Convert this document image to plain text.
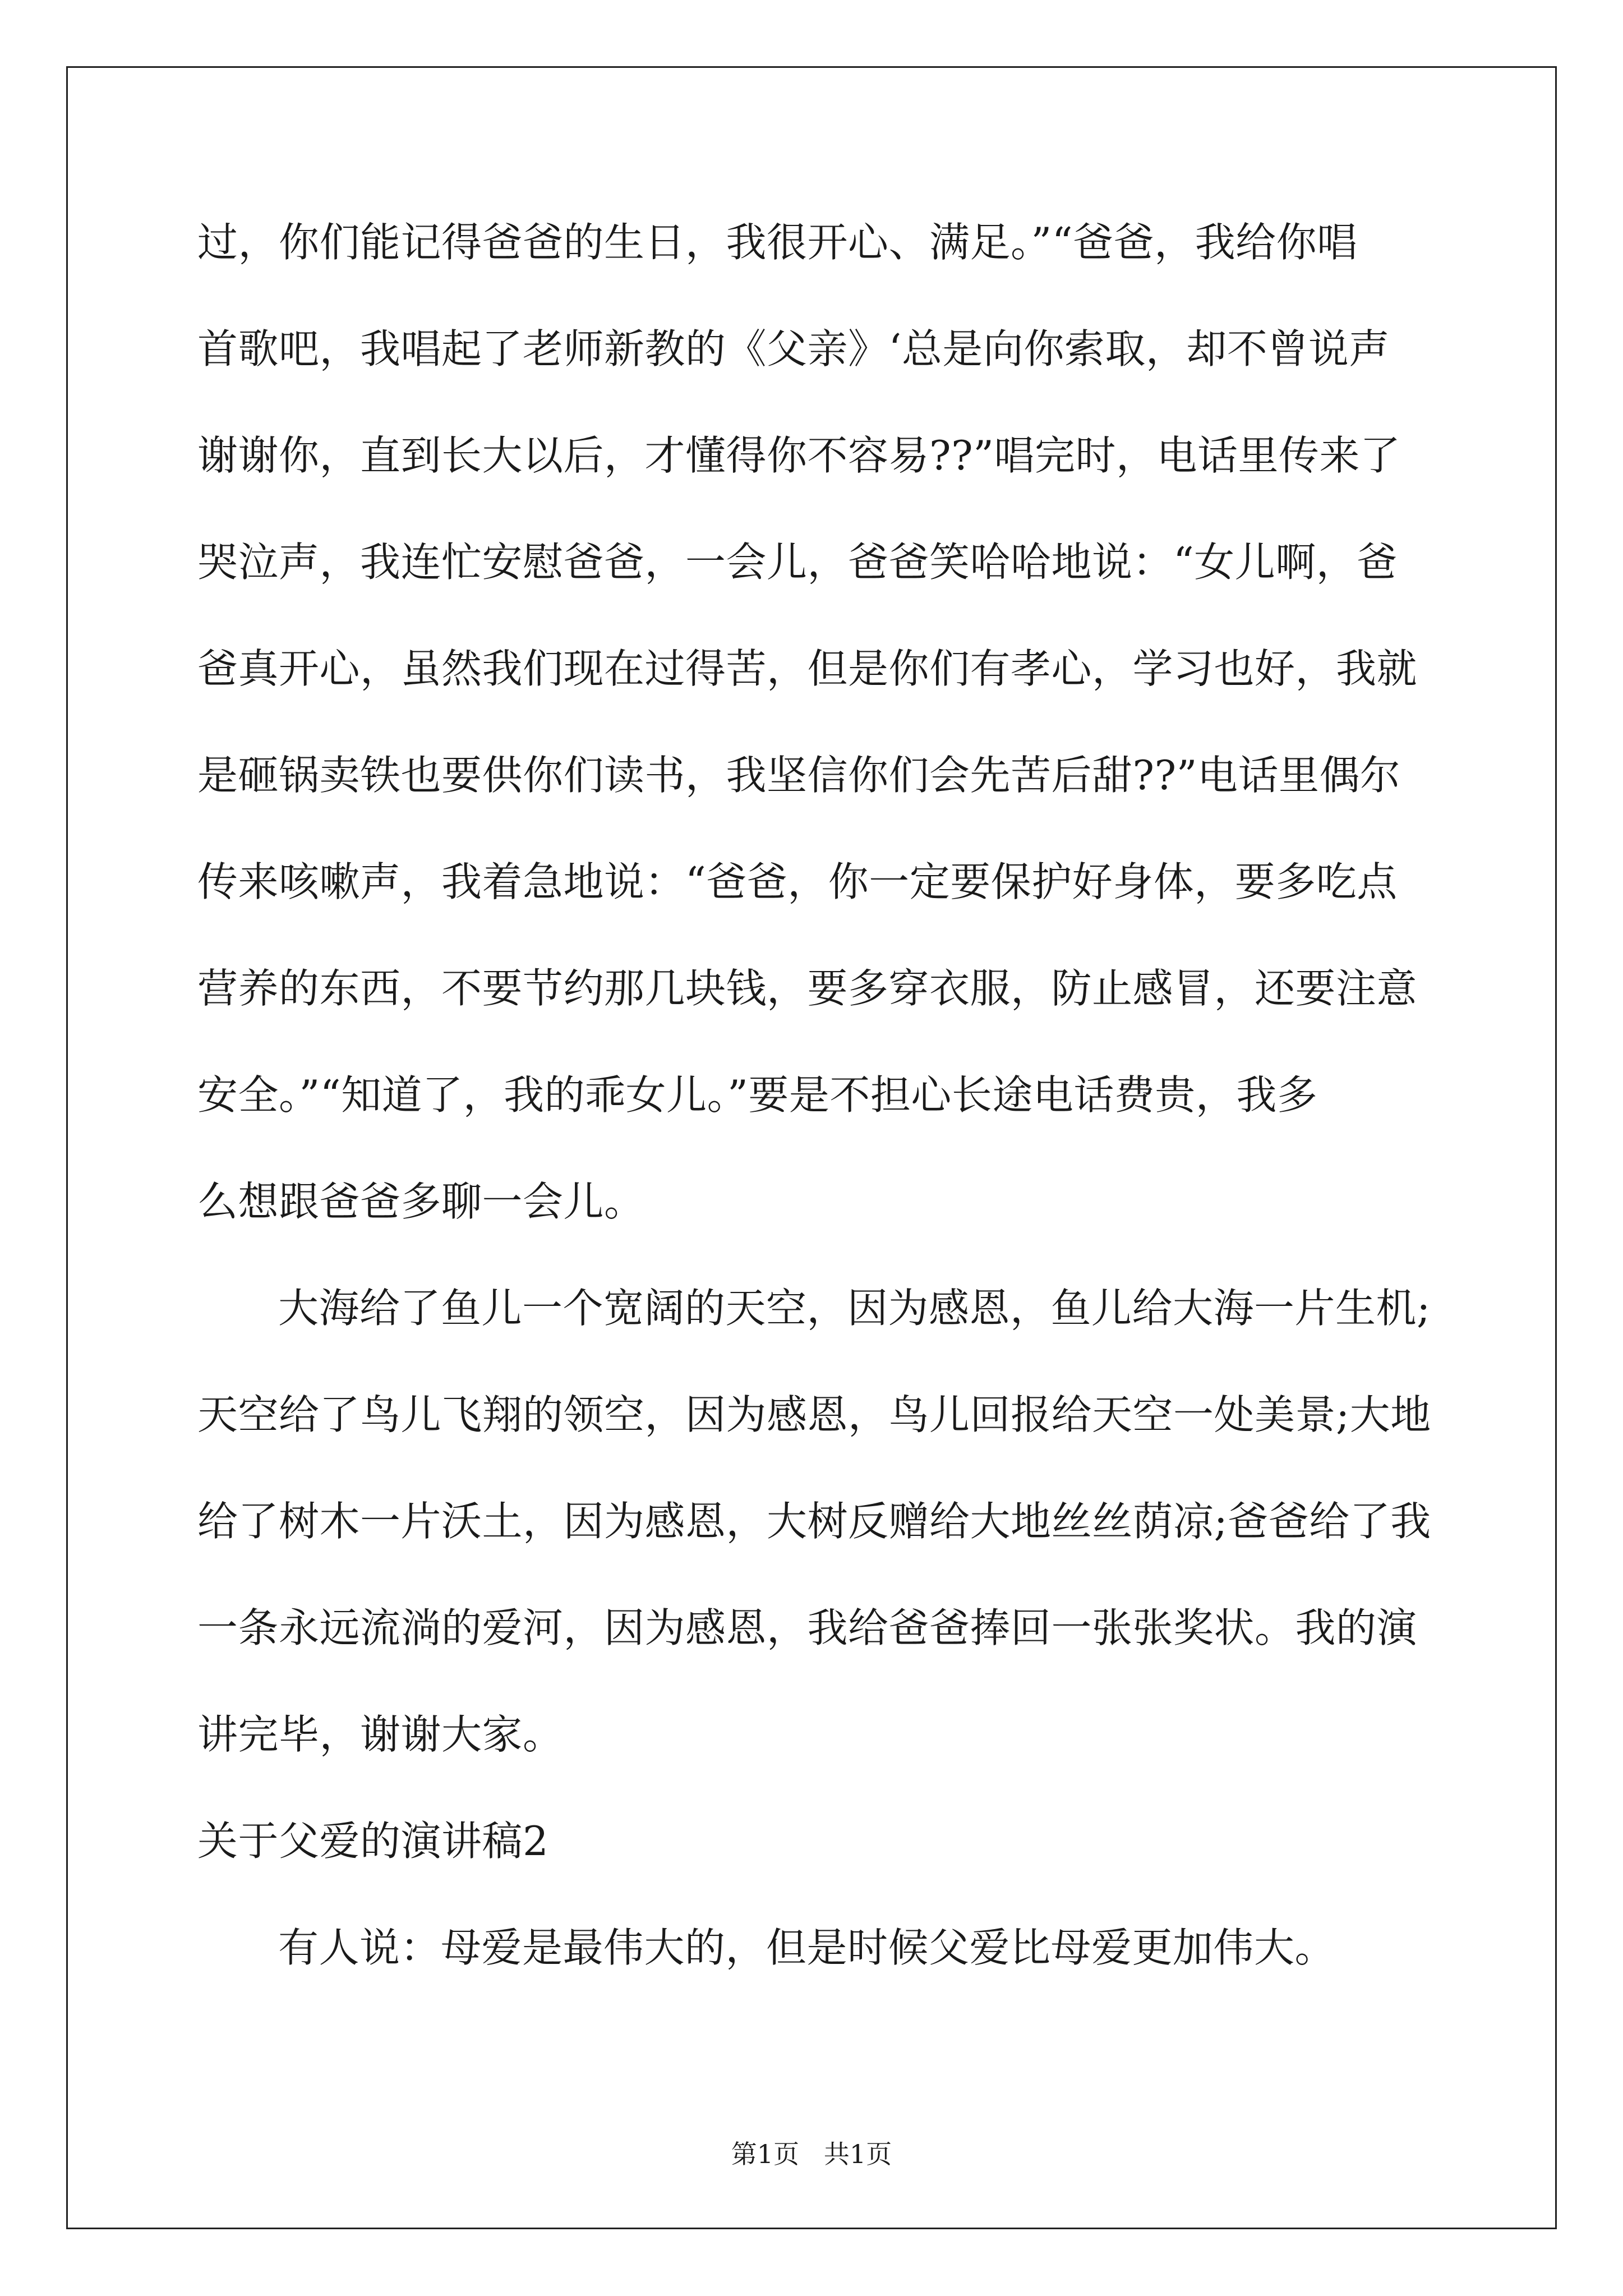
过，你们能记得爸爸的生日，我很开心、满足。”“爸爸，我给你唱
首歌吧，我唱起了老师新教的《父亲》‘总是向你索取，却不曾说声
谢谢你，直到长大以后，才懂得你不容易??”唱完时，电话里传来了
哭泣声，我连忙安慰爸爸，一会儿，爸爸笑哈哈地说：“女儿啊，爸
爸真开心，虽然我们现在过得苦，但是你们有孝心，学习也好，我就
是砸锅卖铁也要供你们读书，我坚信你们会先苦后甜??”电话里偶尔
传来咳嗽声，我着急地说：“爸爸，你一定要保护好身体，要多吃点
营养的东西，不要节约那几块钱，要多穿衣服，防止感冒，还要注意
安全。”“知道了，我的乖女儿。”要是不担心长途电话费贵，我多
么想跟爸爸多聊一会儿。
大海给了鱼儿一个宽阔的天空，因为感恩，鱼儿给大海一片生机;
天空给了鸟儿飞翔的领空，因为感恩，鸟儿回报给天空一处美景;大地
给了树木一片沃土，因为感恩，大树反赠给大地丝丝荫凉;爸爸给了我
一条永远流淌的爱河，因为感恩，我给爸爸捧回一张张奖状。我的演
讲完毕，谢谢大家。
关于父爱的演讲稿2
有人说：母爱是最伟大的，但是时候父爱比母爱更加伟大。
第1页   共1页
